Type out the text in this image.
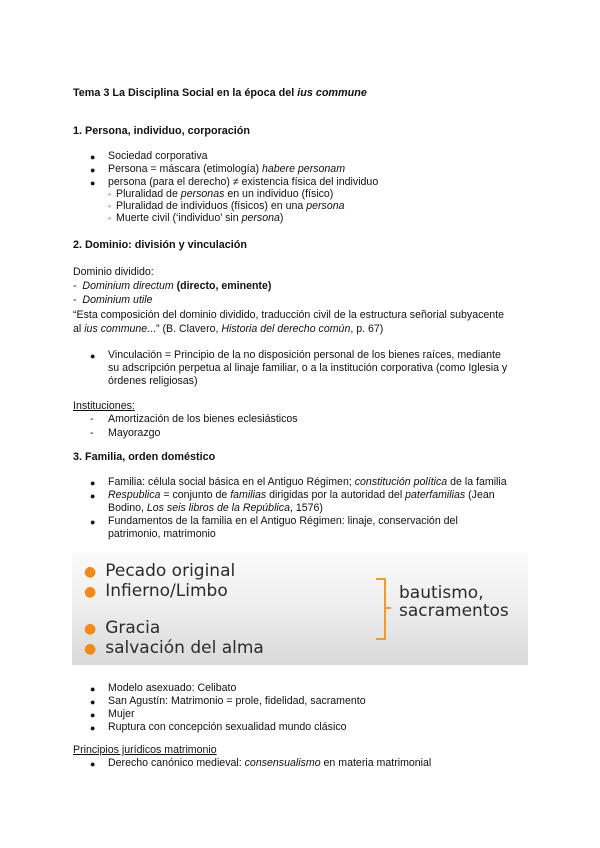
Tema 3 La Disciplina Social en la época del ius commune
1. Persona, individuo, corporación
● Sociedad corporativa
● Persona = máscara (etimología) habere personam
● persona (para el derecho) ≠ existencia física del individuo
◦ Pluralidad de personas en un individuo (físico)
◦ Pluralidad de individuos (físicos) en una persona
◦ Muerte civil (‘individuo’ sin persona)
2. Dominio: división y vinculación
Dominio dividido:
- Dominium directum (directo, eminente)
- Dominium utile
“Esta composición del dominio dividido, traducción civil de la estructura señorial subyacente
al ius commune...” (B. Clavero, Historia del derecho común, p. 67)
● Vinculación = Principio de la no disposición personal de los bienes raíces, mediante
su adscripción perpetua al linaje familiar, o a la institución corporativa (como Iglesia y
órdenes religiosas)
Instituciones:
- Amortización de los bienes eclesiásticos
- Mayorazgo
3. Familia, orden doméstico
● Familia: célula social básica en el Antiguo Régimen; constitución política de la familia
● Respublica = conjunto de familias dirigidas por la autoridad del paterfamilias (Jean
Bodino, Los seis libros de la República, 1576)
● Fundamentos de la familia en el Antiguo Régimen: linaje, conservación del
patrimonio, matrimonio
● Pecado original
● Infierno/Limbo
● Gracia
● salvación del alma
bautismo,
sacramentos
● Modelo asexuado: Celibato
● San Agustín: Matrimonio = prole, fidelidad, sacramento
● Mujer
● Ruptura con concepción sexualidad mundo clásico
Principios jurídicos matrimonio
● Derecho canónico medieval: consensualismo en materia matrimonial
